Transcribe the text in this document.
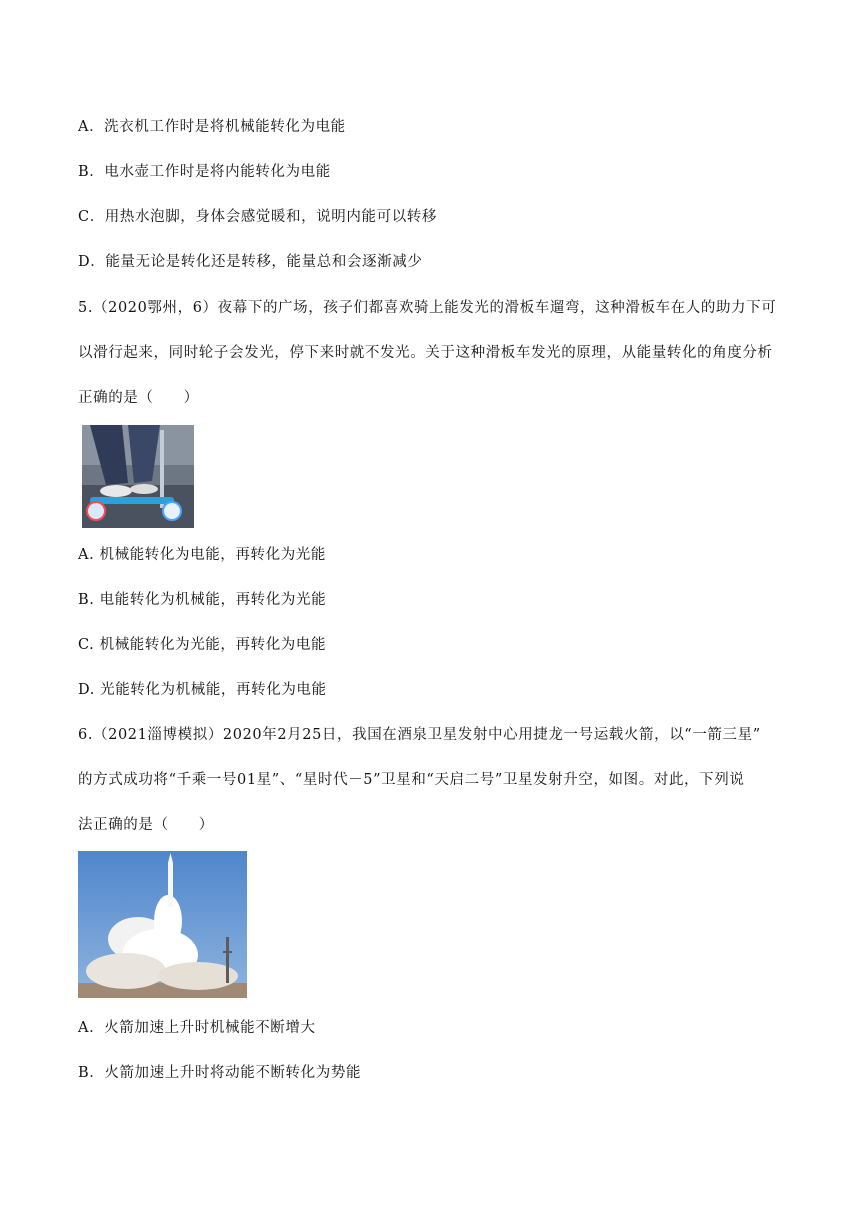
A．洗衣机工作时是将机械能转化为电能
B．电水壶工作时是将内能转化为电能
C．用热水泡脚，身体会感觉暖和，说明内能可以转移
D．能量无论是转化还是转移，能量总和会逐渐减少
5.（2020鄂州，6）夜幕下的广场，孩子们都喜欢骑上能发光的滑板车遛弯，这种滑板车在人的助力下可
以滑行起来，同时轮子会发光，停下来时就不发光。关于这种滑板车发光的原理，从能量转化的角度分析
正确的是（　　）
A. 机械能转化为电能，再转化为光能
B. 电能转化为机械能，再转化为光能
C. 机械能转化为光能，再转化为电能
D. 光能转化为机械能，再转化为电能
6.（2021淄博模拟）2020年2月25日，我国在酒泉卫星发射中心用捷龙一号运载火箭，以“一箭三星”
的方式成功将“千乘一号01星”、“星时代－5”卫星和“天启二号”卫星发射升空，如图。对此，下列说
法正确的是（　　）
A．火箭加速上升时机械能不断增大
B．火箭加速上升时将动能不断转化为势能
